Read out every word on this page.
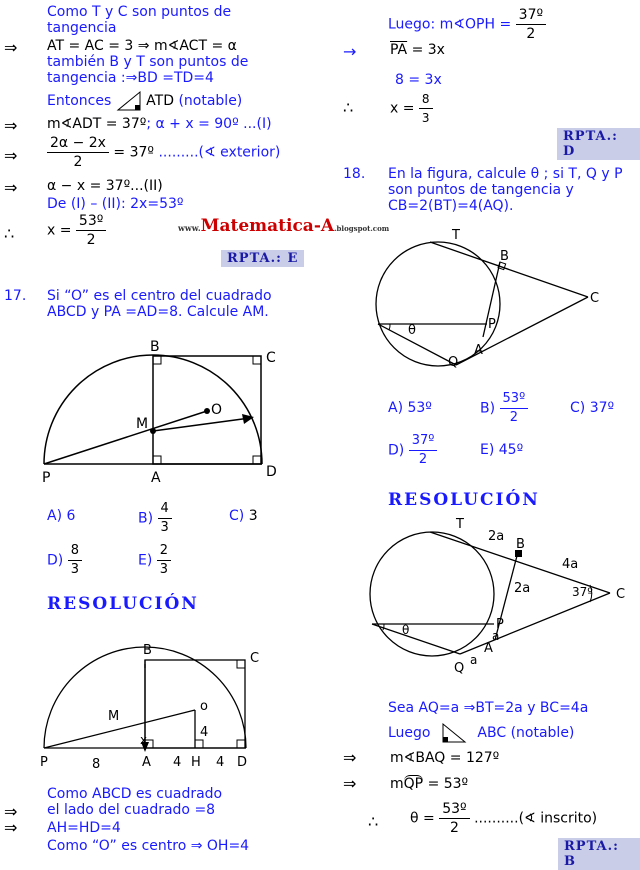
Como T y C son puntos de
tangencia
⇒ AT = AC = 3 ⇒ m∢ACT = α
también B y T son puntos de
tangencia :⇒BD =TD=4
Entonces ATD (notable)
⇒ m∢ADT = 37º; α + x = 90º ...(I)
⇒ $\frac{2\alpha - 2x}{2}$ = 37º .........(∢ exterior)
⇒ α − x = 37º...(II)
De (I) – (II): 2x=53º
∴ $x = \frac{\text{53º}}{2}$	www.Matematica-A.blogspot.com
RPTA.: E
17. Si “O” es el centro del cuadrado
ABCD y PA =AD=8. Calcule AM.
B
C
M
O
P	A	D
A) 6	$B) \frac{4}{3}$	C) 3
$D) \frac{8}{3}$	$E) \frac{2}{3}$
RESOLUCIÓN
B
C
M
o
4
x
P	8	A 4 H 4 D
Como ABCD es cuadrado
⇒ el lado del cuadrado =8
⇒ AH=HD=4
Como “O” es centro ⇒ OH=4
Luego: m∢OPH = $\frac{\text{37º}}{2}$
→ $\overline{PA} = 3x$
8 = 3x
∴	$x = \frac{8}{3}$
RPTA.: D
18. En la figura, calcule θ ; si T, Q y P
son puntos de tangencia y
CB=2(BT)=4(AQ).
T
B
C
θ	P
A
Q
A) 53º	$B) \frac{\text{53º}}{2}$	C) 37º
$D) \frac{\text{37º}}{2}$	E) 45º
RESOLUCIÓN
T
2a
B
4a
2a	37º C
θ	P
a
A
a
Q
Sea AQ=a ⇒BT=2a y BC=4a
Luego	ABC (notable)
⇒ m∢BAQ = 127º
⇒ mQP = 53º
∴ $\theta = \frac{\text{53º}}{2}$ ..........(∢ inscrito)
RPTA.: B
